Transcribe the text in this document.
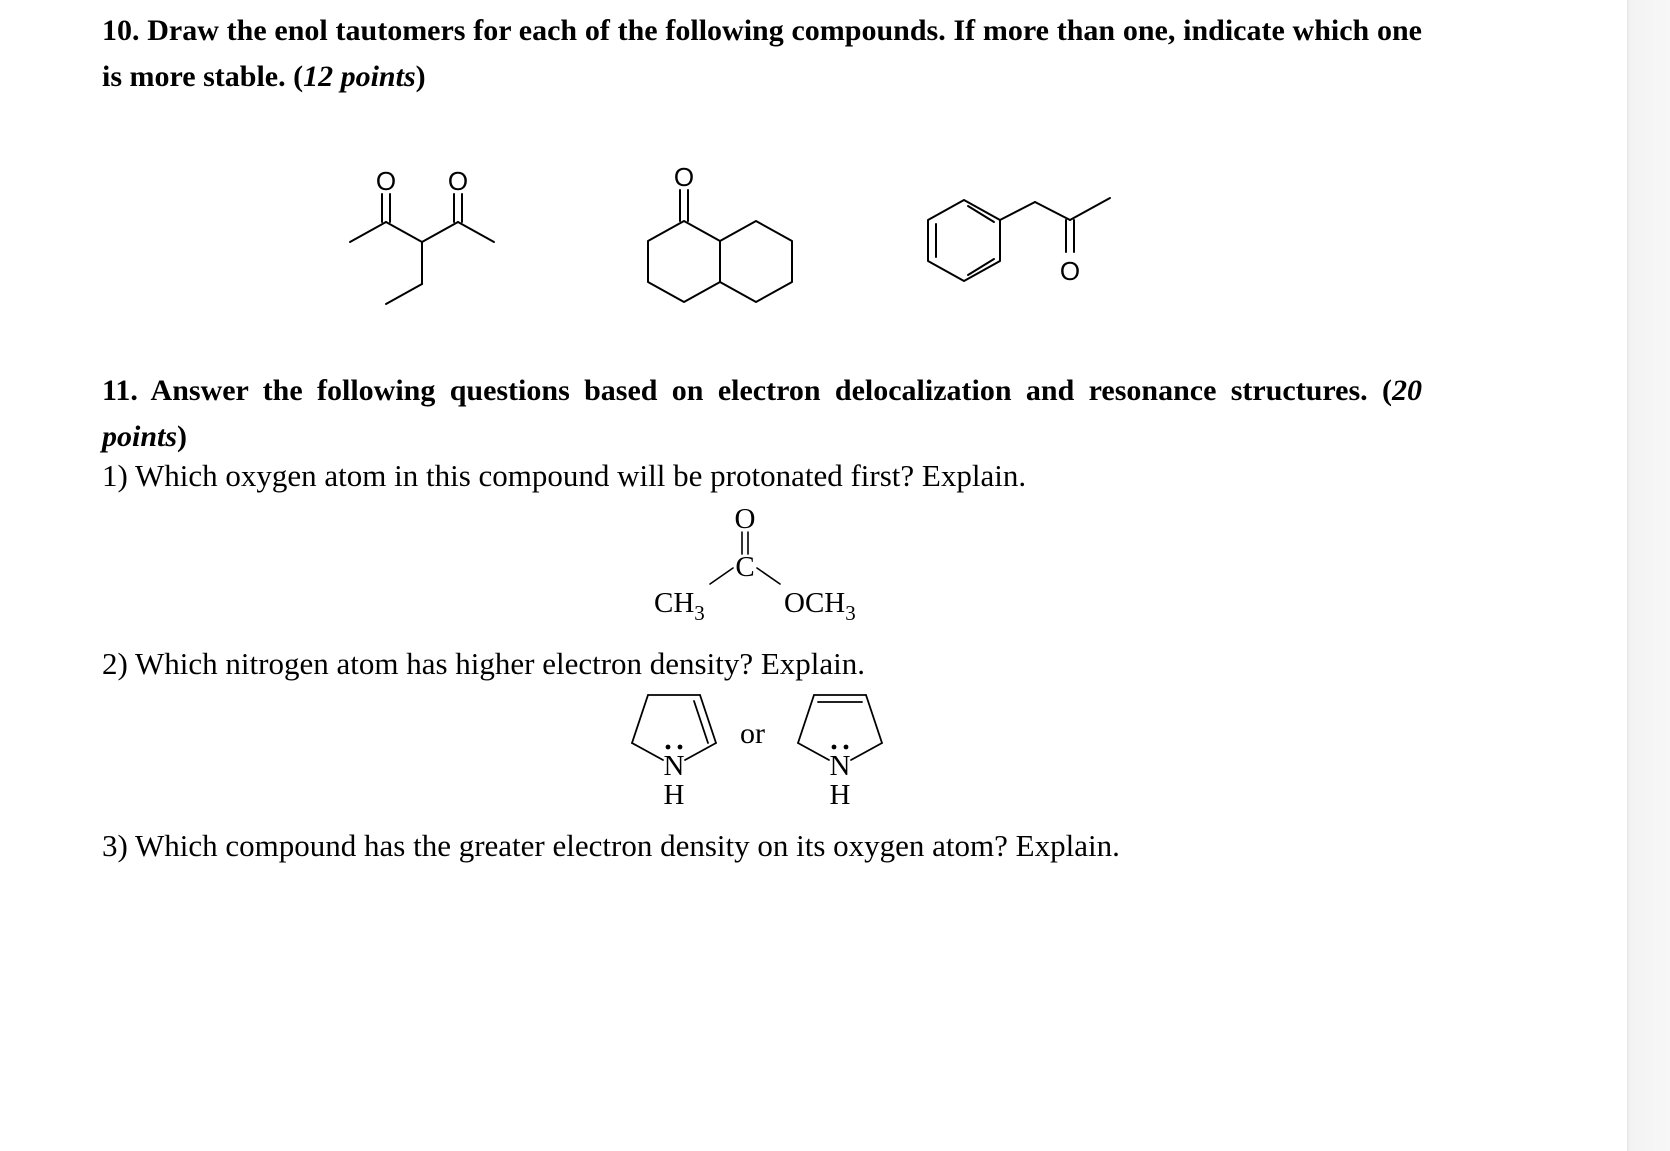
10. Draw the enol tautomers for each of the following compounds. If more than one, indicate which one is more stable. (12 points)
O O	O
O
11. Answer the following questions based on electron delocalization and resonance structures. (20 points)
1) Which oxygen atom in this compound will be protonated first? Explain.
O
C
$CH_3$	$OCH_3$
2) Which nitrogen atom has higher electron density? Explain.
N
H
or
N
H
3) Which compound has the greater electron density on its oxygen atom? Explain.
